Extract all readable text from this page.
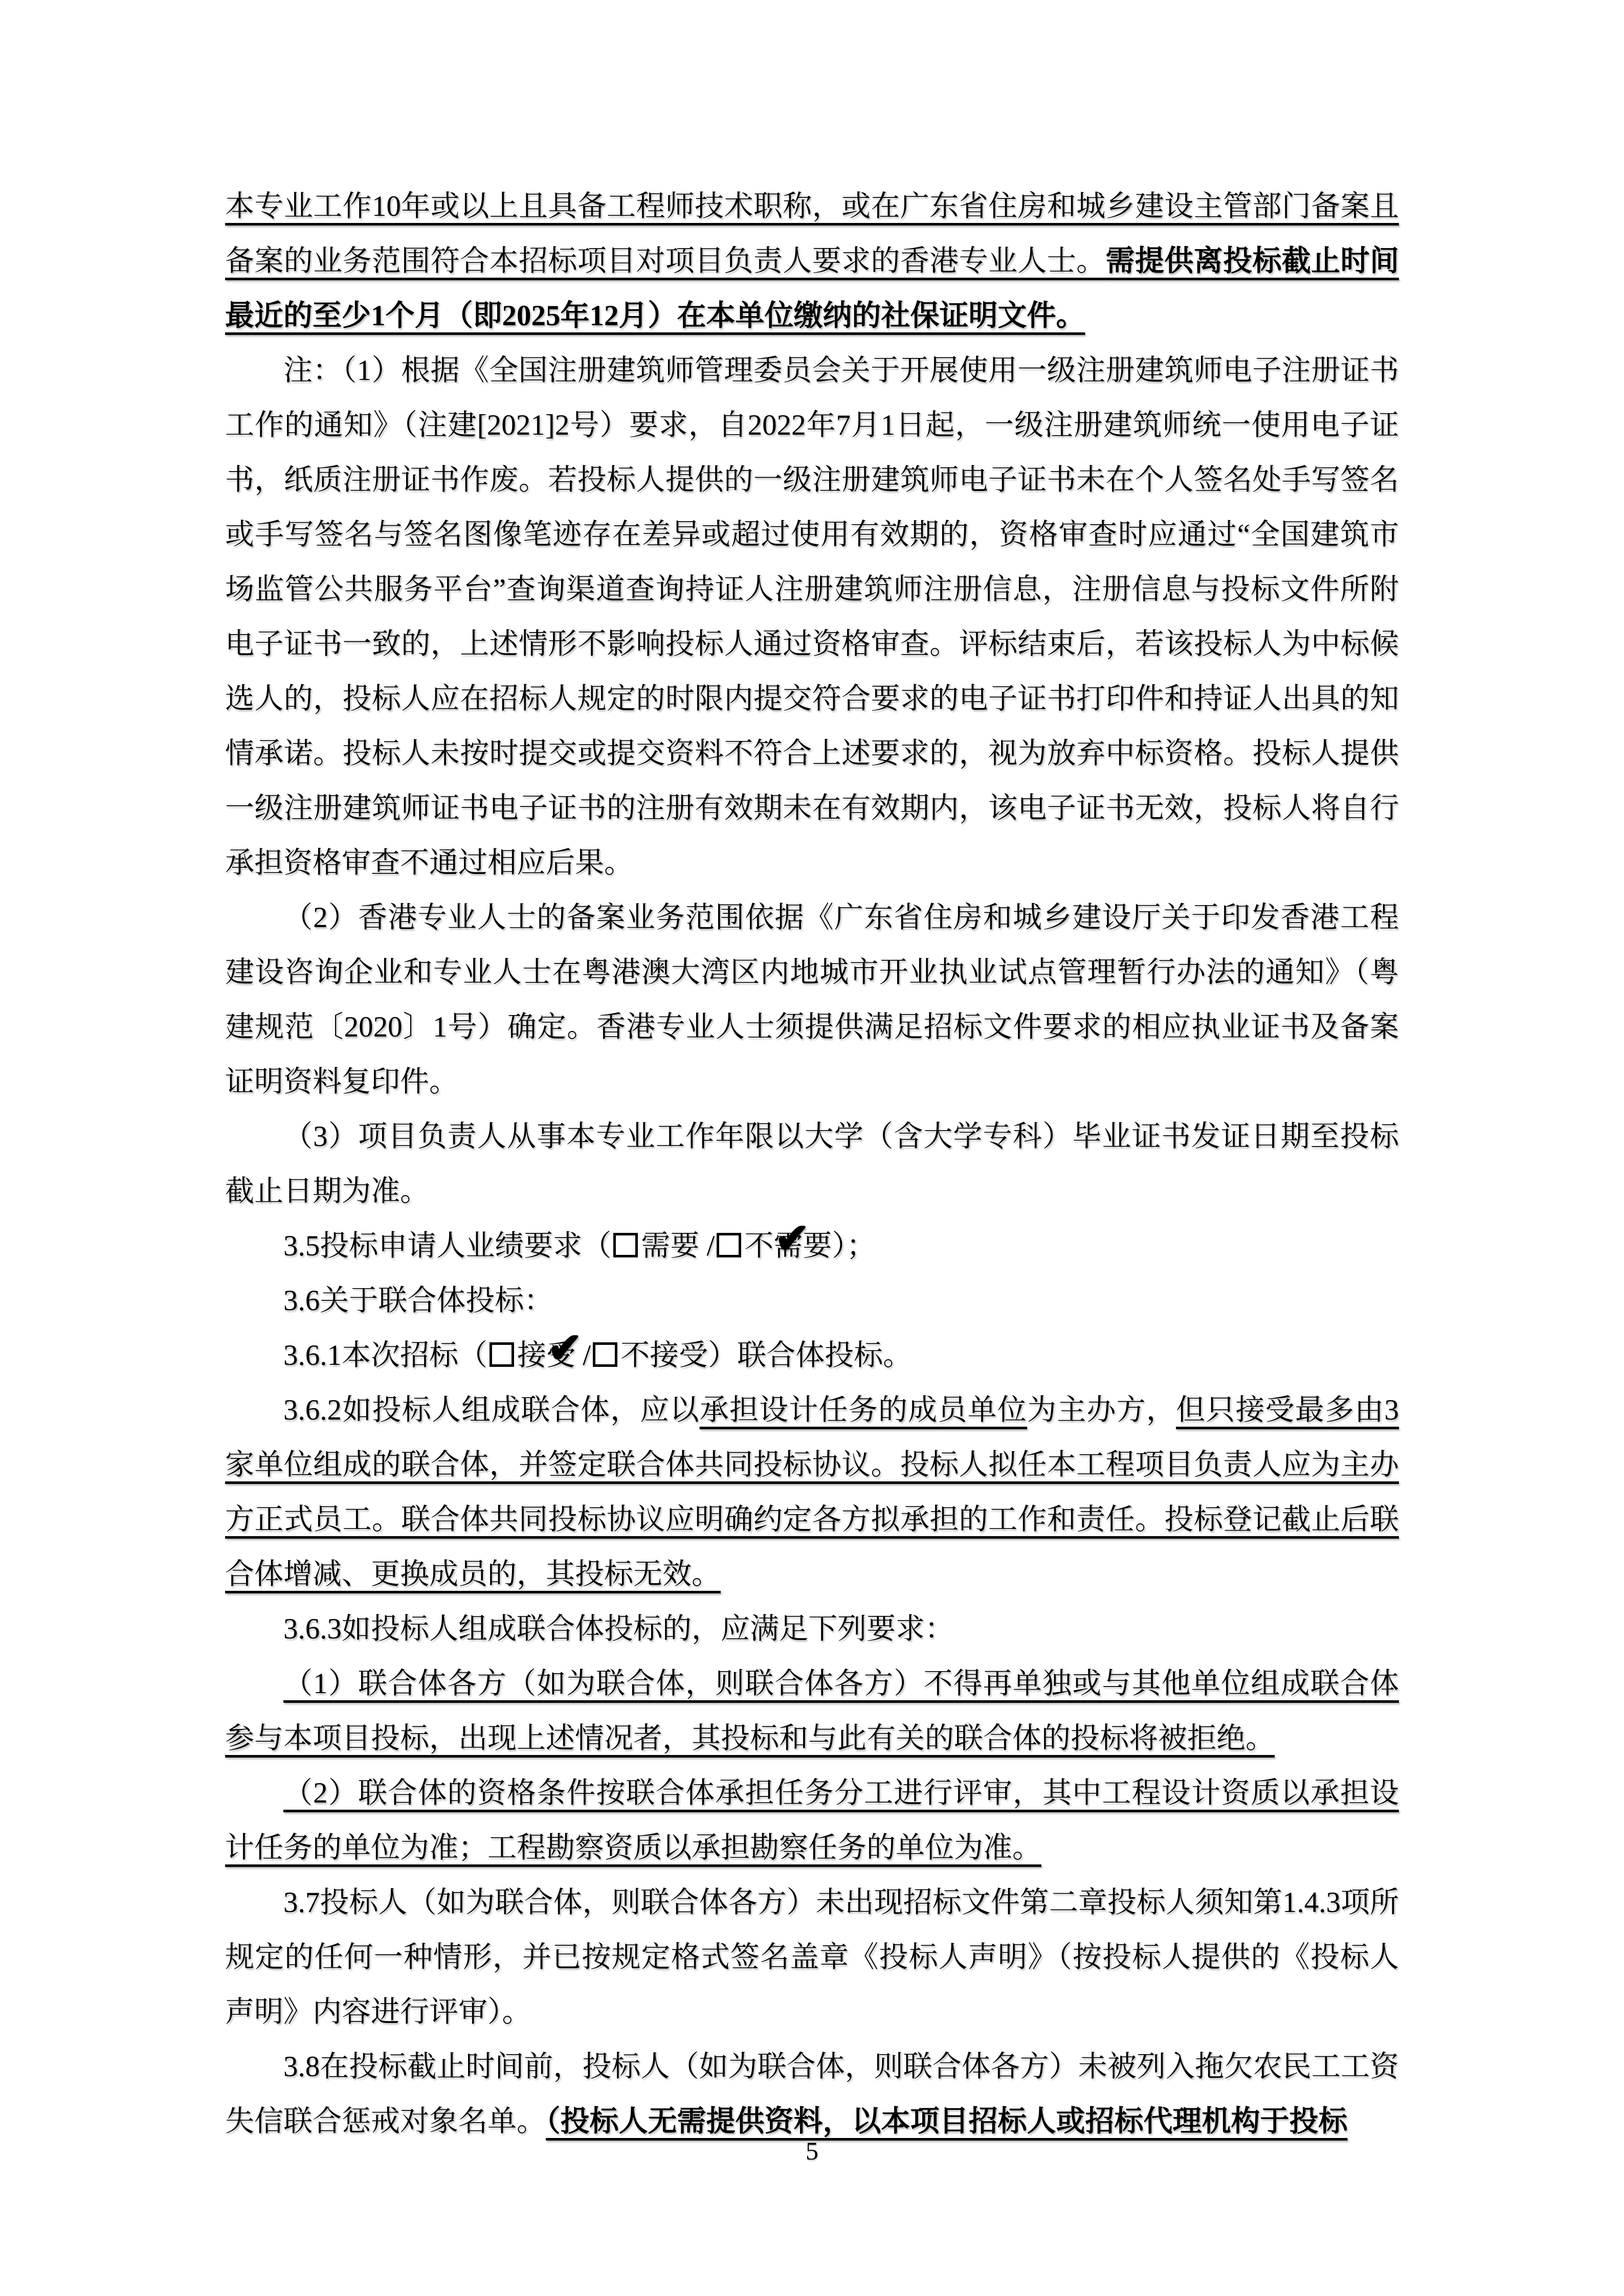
本专业工作10年或以上且具备工程师技术职称，或在广东省住房和城乡建设主管部门备案且备案的业务范围符合本招标项目对项目负责人要求的香港专业人士。需提供离投标截止时间最近的至少1个月（即2025年12月）在本单位缴纳的社保证明文件。

注：（1）根据《全国注册建筑师管理委员会关于开展使用一级注册建筑师电子注册证书工作的通知》（注建[2021]2号）要求，自2022年7月1日起，一级注册建筑师统一使用电子证书，纸质注册证书作废。若投标人提供的一级注册建筑师电子证书未在个人签名处手写签名或手写签名与签名图像笔迹存在差异或超过使用有效期的，资格审查时应通过“全国建筑市场监管公共服务平台”查询渠道查询持证人注册建筑师注册信息，注册信息与投标文件所附电子证书一致的，上述情形不影响投标人通过资格审查。评标结束后，若该投标人为中标候选人的，投标人应在招标人规定的时限内提交符合要求的电子证书打印件和持证人出具的知情承诺。投标人未按时提交或提交资料不符合上述要求的，视为放弃中标资格。投标人提供一级注册建筑师证书电子证书的注册有效期未在有效期内，该电子证书无效，投标人将自行承担资格审查不通过相应后果。

（2）香港专业人士的备案业务范围依据《广东省住房和城乡建设厅关于印发香港工程建设咨询企业和专业人士在粤港澳大湾区内地城市开业执业试点管理暂行办法的通知》（粤建规范〔2020〕1号）确定。香港专业人士须提供满足招标文件要求的相应执业证书及备案证明资料复印件。

（3）项目负责人从事本专业工作年限以大学（含大学专科）毕业证书发证日期至投标截止日期为准。

3.5投标申请人业绩要求（ 需要 / ✔ 不需要）；

3.6关于联合体投标：

3.6.1本次招标（ ✔ 接受 / 不接受）联合体投标。

3.6.2如投标人组成联合体，应以承担设计任务的成员单位为主办方，但只接受最多由3家单位组成的联合体，并签定联合体共同投标协议。投标人拟任本工程项目负责人应为主办方正式员工。联合体共同投标协议应明确约定各方拟承担的工作和责任。投标登记截止后联合体增减、更换成员的，其投标无效。

3.6.3如投标人组成联合体投标的，应满足下列要求：

（1）联合体各方（如为联合体，则联合体各方）不得再单独或与其他单位组成联合体参与本项目投标，出现上述情况者，其投标和与此有关的联合体的投标将被拒绝。

（2）联合体的资格条件按联合体承担任务分工进行评审，其中工程设计资质以承担设计任务的单位为准；工程勘察资质以承担勘察任务的单位为准。

3.7投标人（如为联合体，则联合体各方）未出现招标文件第二章投标人须知第1.4.3项所规定的任何一种情形，并已按规定格式签名盖章《投标人声明》（按投标人提供的《投标人声明》内容进行评审）。

3.8在投标截止时间前，投标人（如为联合体，则联合体各方）未被列入拖欠农民工工资失信联合惩戒对象名单。（投标人无需提供资料，以本项目招标人或招标代理机构于投标

5
